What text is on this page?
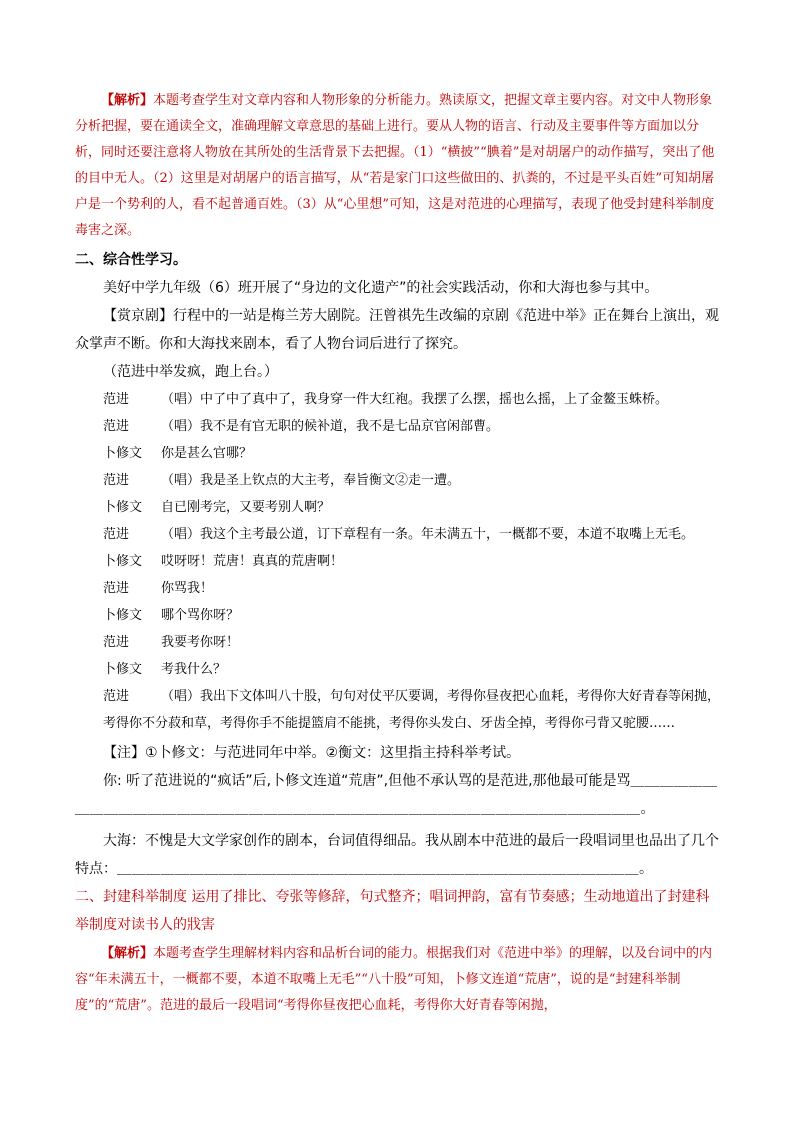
【解析】本题考查学生对文章内容和人物形象的分析能力。熟读原文，把握文章主要内容。对文中人物形象分析把握，要在通读全文，准确理解文章意思的基础上进行。要从人物的语言、行动及主要事件等方面加以分析，同时还要注意将人物放在其所处的生活背景下去把握。（1）“横披”“腆着”是对胡屠户的动作描写，突出了他的目中无人。（2）这里是对胡屠户的语言描写，从“若是家门口这些做田的、扒粪的，不过是平头百姓”可知胡屠户是一个势利的人，看不起普通百姓。（3）从“心里想”可知，这是对范进的心理描写，表现了他受封建科举制度毒害之深。

二、综合性学习。

美好中学九年级（6）班开展了“身边的文化遗产”的社会实践活动，你和大海也参与其中。

【赏京剧】行程中的一站是梅兰芳大剧院。汪曾祺先生改编的京剧《范进中举》正在舞台上演出，观众掌声不断。你和大海找来剧本，看了人物台词后进行了探究。

（范进中举发疯，跑上台。）

范进 （唱）中了中了真中了，我身穿一件大红袍。我摆了么摆，摇也么摇，上了金鳌玉蛛桥。

范进 （唱）我不是有官无职的候补道，我不是七品京官闲部曹。

卜修文 你是甚么官哪？

范进 （唱）我是圣上钦点的大主考，奉旨衡文②走一遭。

卜修文 自已刚考完，又要考别人啊？

范进 （唱）我这个主考最公道，订下章程有一条。年未满五十，一概都不要，本道不取嘴上无毛。

卜修文 哎呀呀！荒唐！真真的荒唐啊！

范进 你骂我！

卜修文 哪个骂你呀？

范进 我要考你呀！

卜修文 考我什么？

范进 （唱）我出下文体叫八十股，句句对仗平仄要调，考得你昼夜把心血耗，考得你大好青春等闲抛，考得你不分菽和草，考得你手不能提篮肩不能挑，考得你头发白、牙齿全掉，考得你弓背又驼腰……

【注】①卜修文：与范进同年中举。②衡文：这里指主持科举考试。

你: 听了范进说的“疯话”后,卜修文连道“荒唐”,但他不承认骂的是范进,那他最可能是骂＿＿＿＿＿＿

＿＿＿＿＿＿＿＿＿＿＿＿＿＿＿＿＿＿＿＿＿＿＿＿＿＿＿＿＿＿＿＿＿＿＿＿＿＿＿。

大海：不愧是大文学家创作的剧本，台词值得细品。我从剧本中范进的最后一段唱词里也品出了几个特点：＿＿＿＿＿＿＿＿＿＿＿＿＿＿＿＿＿＿＿＿＿＿＿＿＿＿＿＿＿＿＿＿＿＿＿＿。

二、封建科举制度 运用了排比、夸张等修辞，句式整齐；唱词押韵，富有节奏感；生动地道出了封建科举制度对读书人的戕害

【解析】本题考查学生理解材料内容和品析台词的能力。根据我们对《范进中举》的理解，以及台词中的内容“年未满五十，一概都不要，本道不取嘴上无毛”“八十股”可知，卜修文连道“荒唐”，说的是“封建科举制度”的“荒唐”。范进的最后一段唱词“考得你昼夜把心血耗，考得你大好青春等闲抛，
